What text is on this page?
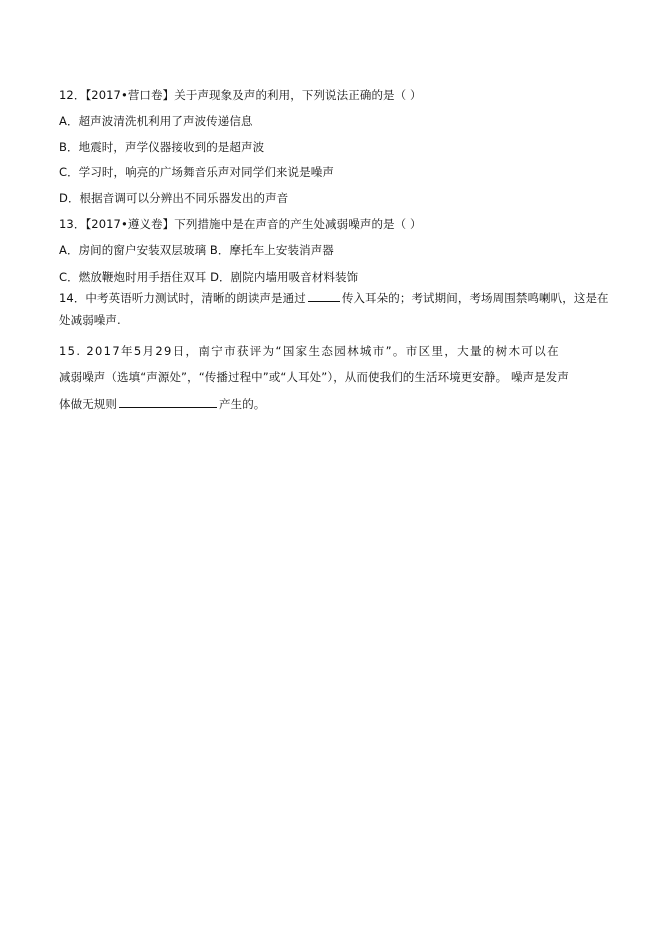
12．【2017•营口卷】关于声现象及声的利用，下列说法正确的是（ ）
A．超声波清洗机利用了声波传递信息
B．地震时，声学仪器接收到的是超声波
C．学习时，响亮的广场舞音乐声对同学们来说是噪声
D．根据音调可以分辨出不同乐器发出的声音
13．【2017•遵义卷】下列措施中是在声音的产生处减弱噪声的是（ ）
A．房间的窗户安装双层玻璃 B．摩托车上安装消声器
C．燃放鞭炮时用手捂住双耳 D．剧院内墙用吸音材料装饰
14．中考英语听力测试时，清晰的朗读声是通过	传入耳朵的；考试期间，考场周围禁鸣喇叭，这是在
处减弱噪声.
15. 2017年5月29日，南宁市获评为“国家生态园林城市”。市区里，大量的树木可以在
减弱噪声（选填“声源处”，“传播过程中”或“人耳处”），从而使我们的生活环境更安静。 噪声是发声
体做无规则	产生的。
